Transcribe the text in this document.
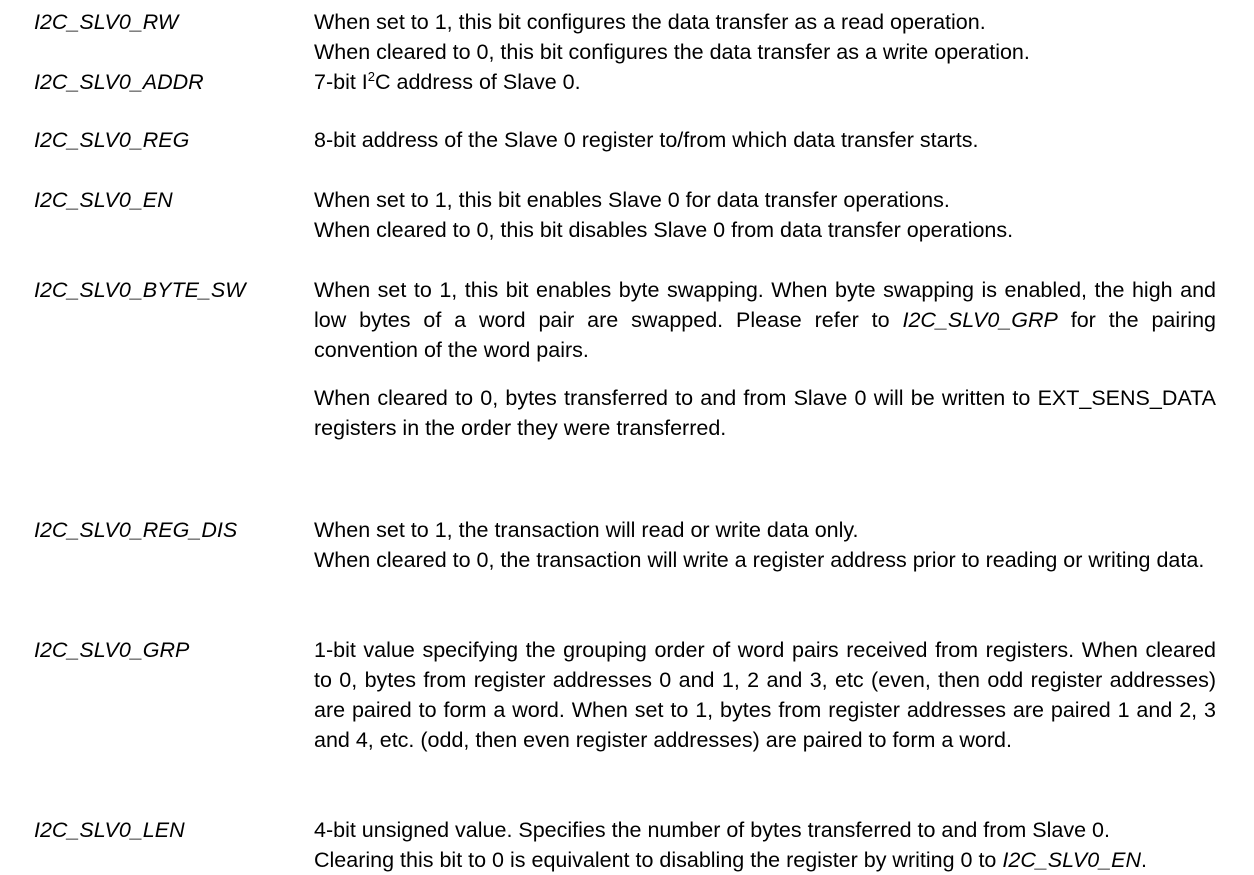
I2C_SLV0_RW	When set to 1, this bit configures the data transfer as a read operation.
When cleared to 0, this bit configures the data transfer as a write operation.
I2C_SLV0_ADDR	7-bit $I^2C$ address of Slave 0.
I2C_SLV0_REG	8-bit address of the Slave 0 register to/from which data transfer starts.
I2C_SLV0_EN	When set to 1, this bit enables Slave 0 for data transfer operations.
When cleared to 0, this bit disables Slave 0 from data transfer operations.
I2C_SLV0_BYTE_SW	When set to 1, this bit enables byte swapping. When byte swapping is enabled, the high and low bytes of a word pair are swapped. Please refer to I2C_SLV0_GRP for the pairing convention of the word pairs.
When cleared to 0, bytes transferred to and from Slave 0 will be written to EXT_SENS_DATA registers in the order they were transferred.
I2C_SLV0_REG_DIS	When set to 1, the transaction will read or write data only.
When cleared to 0, the transaction will write a register address prior to reading or writing data.
I2C_SLV0_GRP	1-bit value specifying the grouping order of word pairs received from registers. When cleared to 0, bytes from register addresses 0 and 1, 2 and 3, etc (even, then odd register addresses) are paired to form a word. When set to 1, bytes from register addresses are paired 1 and 2, 3 and 4, etc. (odd, then even register addresses) are paired to form a word.
I2C_SLV0_LEN	4-bit unsigned value. Specifies the number of bytes transferred to and from Slave 0.
Clearing this bit to 0 is equivalent to disabling the register by writing 0 to I2C_SLV0_EN.
